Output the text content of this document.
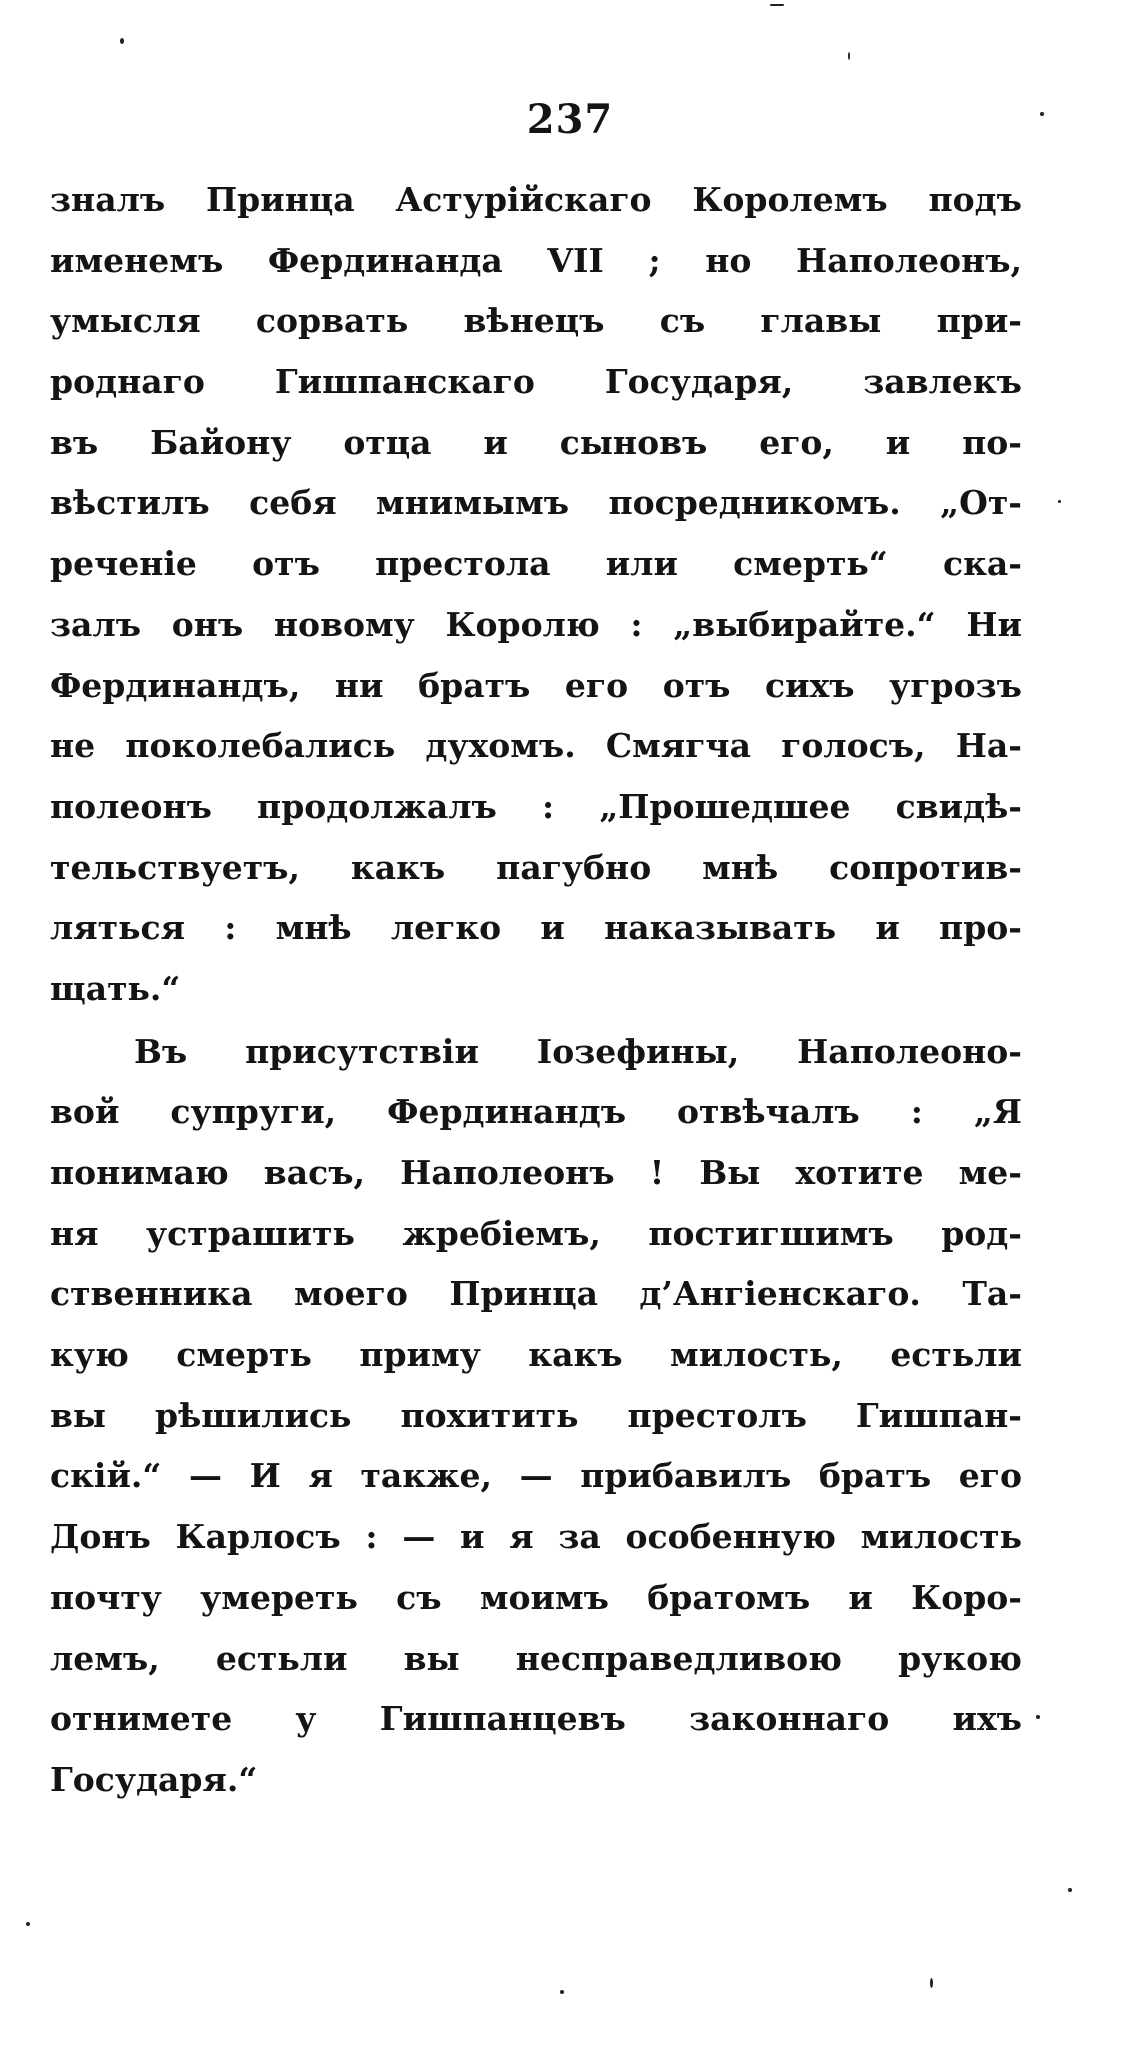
237
зналъ Принца Астурійскаго Королемъ подъ
именемъ Фердинанда VII ; но Наполеонъ,
умысля сорвать вѣнецъ съ главы при-
роднаго Гишпанскаго Государя, завлекъ
въ Байону отца и сыновъ его, и по-
вѣстилъ себя мнимымъ посредникомъ. „От-
реченіе отъ престола или смерть“ ска-
залъ онъ новому Королю : „выбирайте.“ Ни
Фердинандъ, ни братъ его отъ сихъ угрозъ
не поколебались духомъ. Смягча голосъ, На-
полеонъ продолжалъ : „Прошедшее свидѣ-
тельствуетъ, какъ пагубно мнѣ сопротив-
ляться : мнѣ легко и наказывать и про-
щать.“
Въ присутствіи Іозефины, Наполеоно-
вой супруги, Фердинандъ отвѣчалъ : „Я
понимаю васъ, Наполеонъ ! Вы хотите ме-
ня устрашить жребіемъ, постигшимъ род-
ственника моего Принца д’Ангіенскаго. Та-
кую смерть приму какъ милость, естьли
вы рѣшились похитить престолъ Гишпан-
скій.“ — И я также, — прибавилъ братъ его
Донъ Карлосъ : — и я за особенную милость
почту умереть съ моимъ братомъ и Коро-
лемъ, естьли вы несправедливою рукою
отнимете у Гишпанцевъ законнаго ихъ
Государя.“
